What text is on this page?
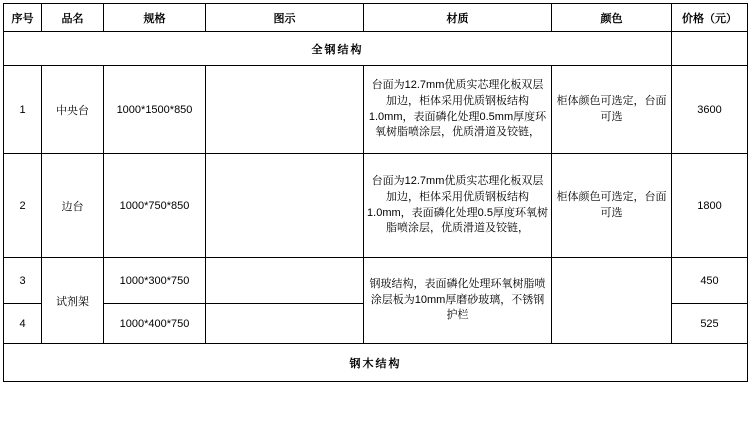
序号	品名	规格	图示	材质	颜色	价格（元）
全钢结构						
1	中央台	1000*1500*850		台面为12.7mm优质实芯理化板双层加边，柜体采用优质钢板结构1.0mm，表面磷化处理0.5mm厚度环氧树脂喷涂层，优质滑道及铰链，	柜体颜色可选定，台面可选	3600
2	边台	1000*750*850		台面为12.7mm优质实芯理化板双层加边，柜体采用优质钢板结构1.0mm，表面磷化处理0.5厚度环氧树脂喷涂层，优质滑道及铰链，	柜体颜色可选定，台面可选	1800
3	试剂架	1000*300*750		钢玻结构，表面磷化处理环氧树脂喷涂层板为10mm厚磨砂玻璃，不锈钢护栏		450
4		1000*400*750				525
钢木结构						
